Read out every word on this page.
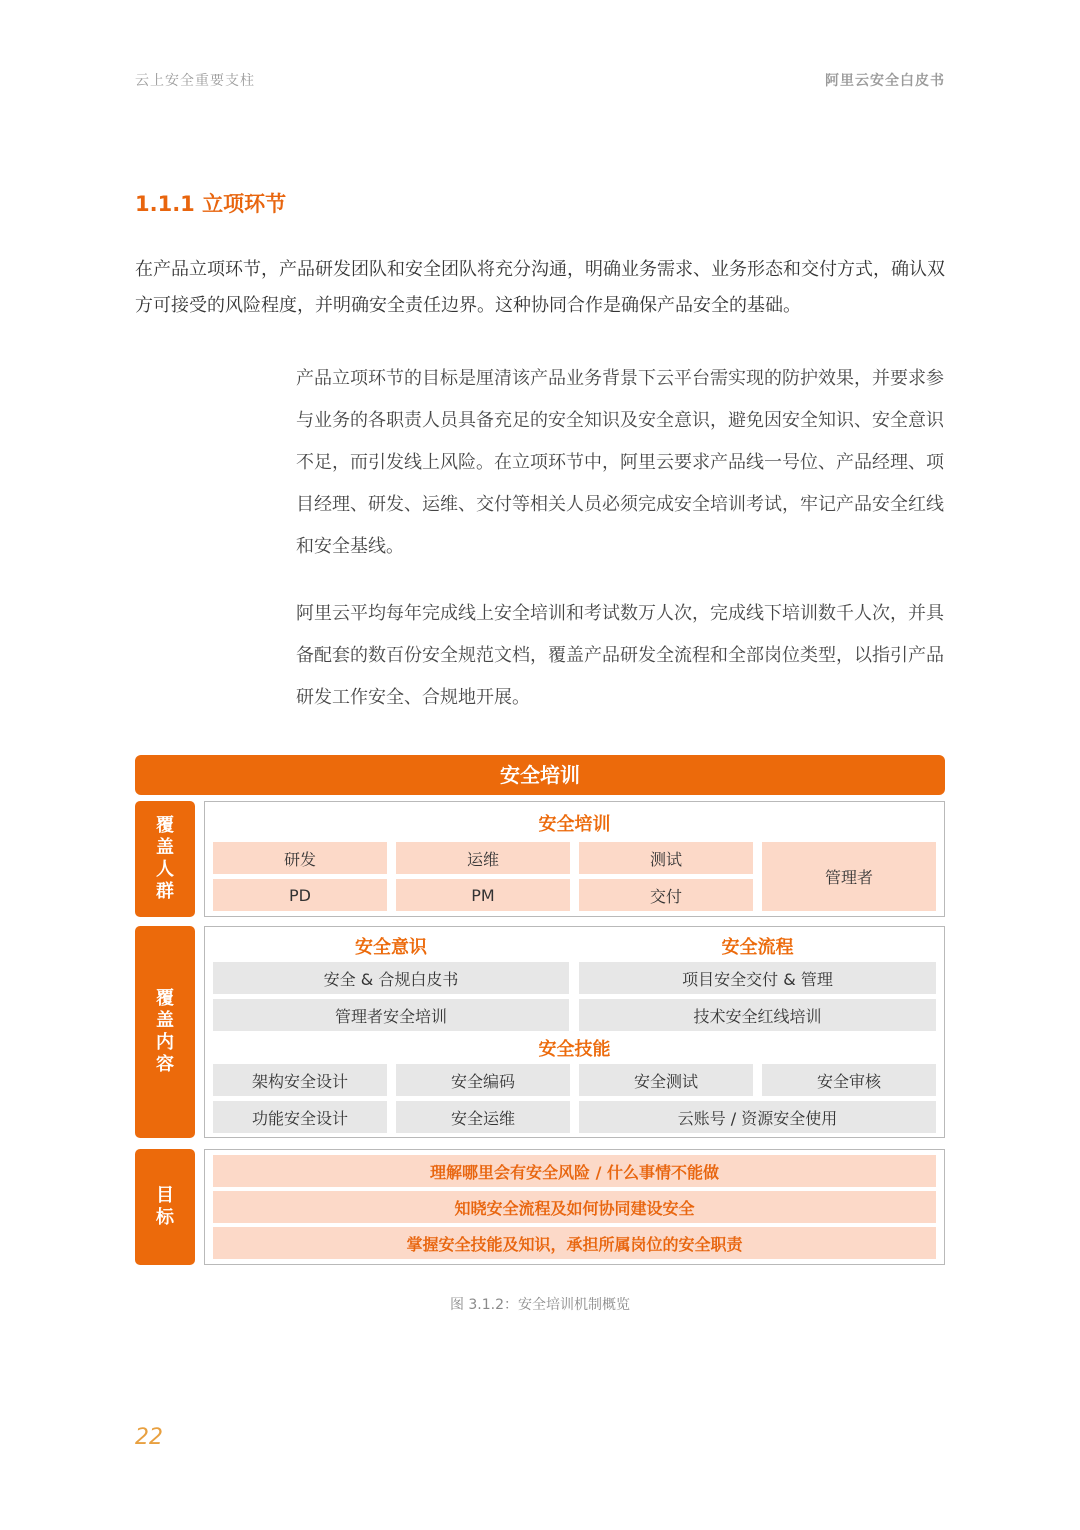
云上安全重要支柱	阿里云安全白皮书
1.1.1 立项环节

在产品立项环节，产品研发团队和安全团队将充分沟通，明确业务需求、业务形态和交付方式，确认双方可接受的风险程度，并明确安全责任边界。这种协同合作是确保产品安全的基础。

产品立项环节的目标是厘清该产品业务背景下云平台需实现的防护效果，并要求参与业务的各职责人员具备充足的安全知识及安全意识，避免因安全知识、安全意识不足，而引发线上风险。在立项环节中，阿里云要求产品线一号位、产品经理、项目经理、研发、运维、交付等相关人员必须完成安全培训考试，牢记产品安全红线和安全基线。

阿里云平均每年完成线上安全培训和考试数万人次，完成线下培训数千人次，并具备配套的数百份安全规范文档，覆盖产品研发全流程和全部岗位类型，以指引产品研发工作安全、合规地开展。

安全培训
覆盖人群
安全培训
研发	运维	测试
PD	PM	交付
管理者
覆盖内容
安全意识	安全流程
安全 & 合规白皮书	项目安全交付 & 管理
管理者安全培训	技术安全红线培训
安全技能
架构安全设计	安全编码	安全测试	安全审核
功能安全设计	安全运维	云账号 / 资源安全使用
目标
理解哪里会有安全风险 / 什么事情不能做
知晓安全流程及如何协同建设安全
掌握安全技能及知识，承担所属岗位的安全职责
图 3.1.2：安全培训机制概览
22
